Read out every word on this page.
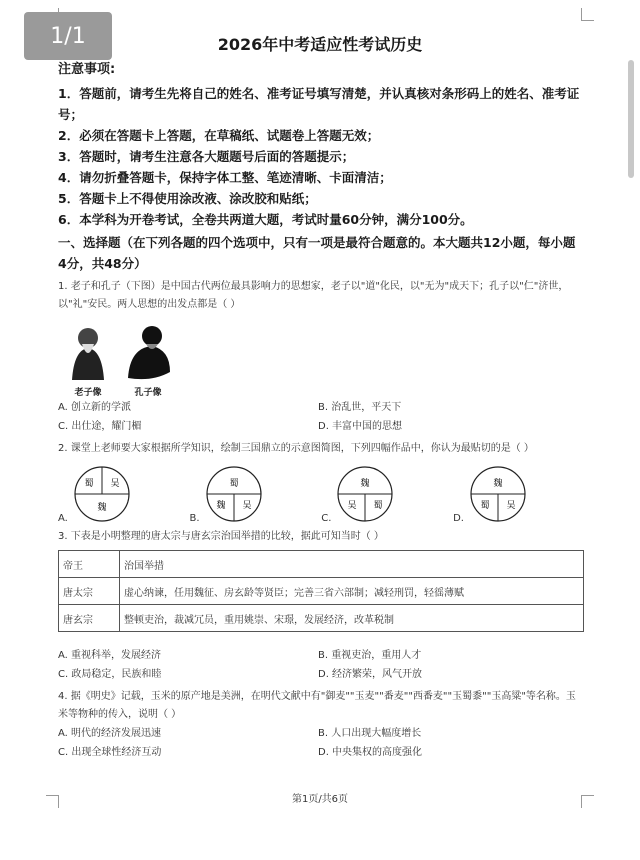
1/1	2026年中考适应性考试历史
注意事项:

1．答题前，请考生先将自己的姓名、准考证号填写清楚，并认真核对条形码上的姓名、准考证号；

2．必须在答题卡上答题，在草稿纸、试题卷上答题无效；

3．答题时，请考生注意各大题题号后面的答题提示；

4．请勿折叠答题卡，保持字体工整、笔迹清晰、卡面清洁；

5．答题卡上不得使用涂改液、涂改胶和贴纸；

6．本学科为开卷考试，全卷共两道大题，考试时量60分钟，满分100分。

一、选择题（在下列各题的四个选项中，只有一项是最符合题意的。本大题共12小题，每小题4分，共48分）
1. 老子和孔子（下图）是中国古代两位最具影响力的思想家，老子以"道"化民，以"无为"成天下；孔子以"仁"济世，以"礼"安民。两人思想的出发点都是（ ）
老子像	孔子像
A. 创立新的学派	B. 治乱世，平天下
C. 出仕途，耀门楣	D. 丰富中国的思想
2. 课堂上老师要大家根据所学知识，绘制三国鼎立的示意图简图，下列四幅作品中，你认为最贴切的是（ ）
A.
蜀 吴
魏
B.
蜀
魏 吴
C.
魏
吴 蜀
D.
魏
蜀 吴
3. 下表是小明整理的唐太宗与唐玄宗治国举措的比较，据此可知当时（ ）
帝王	治国举措
唐太宗	虚心纳谏，任用魏征、房玄龄等贤臣；完善三省六部制；减轻刑罚，轻徭薄赋
唐玄宗	整顿吏治，裁减冗员，重用姚崇、宋璟，发展经济，改革税制
A. 重视科举，发展经济	B. 重视吏治，重用人才
C. 政局稳定，民族和睦	D. 经济繁荣，风气开放
4. 据《明史》记载，玉米的原产地是美洲，在明代文献中有"御麦""玉麦""番麦""西番麦""玉蜀黍""玉高粱"等名称。玉米等物种的传入，说明（ ）
A. 明代的经济发展迅速	B. 人口出现大幅度增长
C. 出现全球性经济互动	D. 中央集权的高度强化
第1页/共6页
